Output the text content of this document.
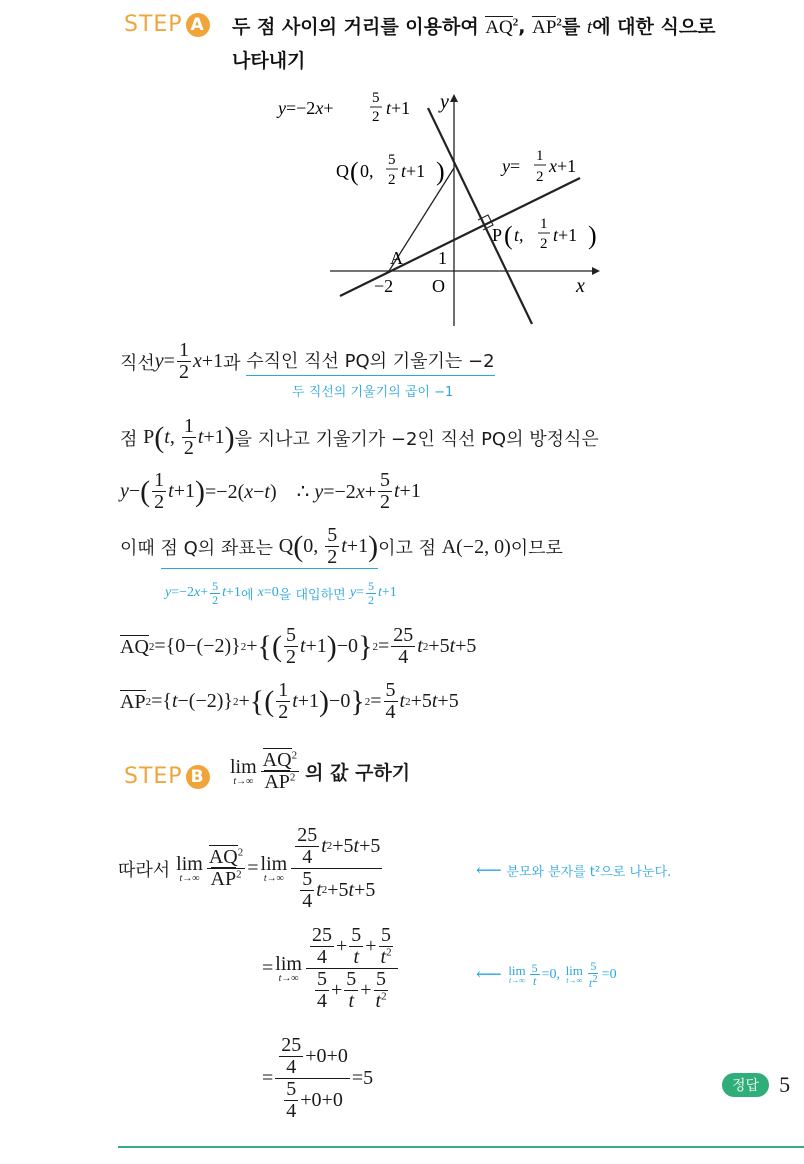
STEP A 두 점 사이의 거리를 이용하여 $AQ^2$, $AP^2$를 t에 대한 식으로
나타내기
A 1
−2 O	x
y
y=−2x+	5
2 t+1
Q ( 0,
5
2 t+1 )	y= 1
2
x+1
P ( t,
1
2 t+1 )
직선 $y = \frac{1}{2} x+1$ 과 수직인 직선 PQ의 기울기는 −2
두 직선의 기울기의 곱이 −1
점 P ( t , $\frac{1}{2}$ t +1 ) 을 지나고 기울기가 −2인 직선 PQ의 방정식은
y − ( $\frac{1}{2}$ t +1 ) =−2(x−t)    ∴ $y=-2x+ \frac{5}{2}$ t +1
이때 점 Q의 좌표는 Q ( 0, $\frac{5}{2}$ t +1 ) 이고 점 A(−2, 0) 이므로
y =−2 $x + \frac{5}{2}$ t +1 에 x =0 을 대입하면 $y = \frac{5}{2}$ t +1
AQ 2 ={0−(−2)} 2 + { ( $\frac{5}{2}$ t +1 ) −0 } $2 = \frac{25}{4}$ t 2 +5 t +5
AP 2 ={ t −(−2)} 2 + { ( $\frac{1}{2}$ t +1 ) −0 } $2 = \frac{5}{4}$ t 2 +5 t +5
STEP B lim
$t\to\infty \frac{AQ^2}{AP^2}$ 의 값 구하기
따라서 lim
$t\to\infty \frac{AQ^2}{AP^2} = \lim$
$t\to\infty \frac{\frac{25}{4} t 2 +5 t +5}{\frac{5}{4} t 2 +5 t +5}$	⟵ 분모와 분자를 t²으로 나눈다.
= lim
$t\to\infty \frac{\frac{25}{4} + \frac{5}{t} + \frac{5}{t^2}}{\frac{5}{4} + \frac{5}{t} + \frac{5}{t^2}}$	⟵ lim
$t\to\infty \frac{5}{t} =0$, lim
$t\to\infty \frac{5}{t^2} =0$
= $\frac{\frac{25}{4} +0+0}{\frac{5}{4} +0+0} =5$	정답 5
